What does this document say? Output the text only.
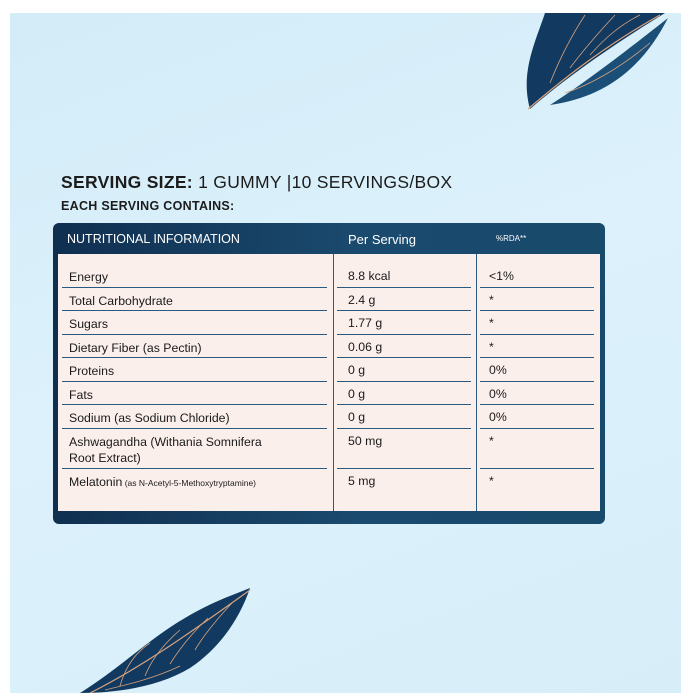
SERVING SIZE: 1 GUMMY |10 SERVINGS/BOX
EACH SERVING CONTAINS:
NUTRITIONAL INFORMATION	Per Serving	%RDA**
Energy	8.8 kcal	<1%
Total Carbohydrate	2.4 g	*
Sugars	1.77 g	*
Dietary Fiber (as Pectin)	0.06 g	*
Proteins	0 g	0%
Fats	0 g	0%
Sodium (as Sodium Chloride)	0 g	0%
Ashwagandha (Withania Somnifera
Root Extract)
50 mg	*
Melatonin (as N-Acetyl-5-Methoxytryptamine)	5 mg	*
